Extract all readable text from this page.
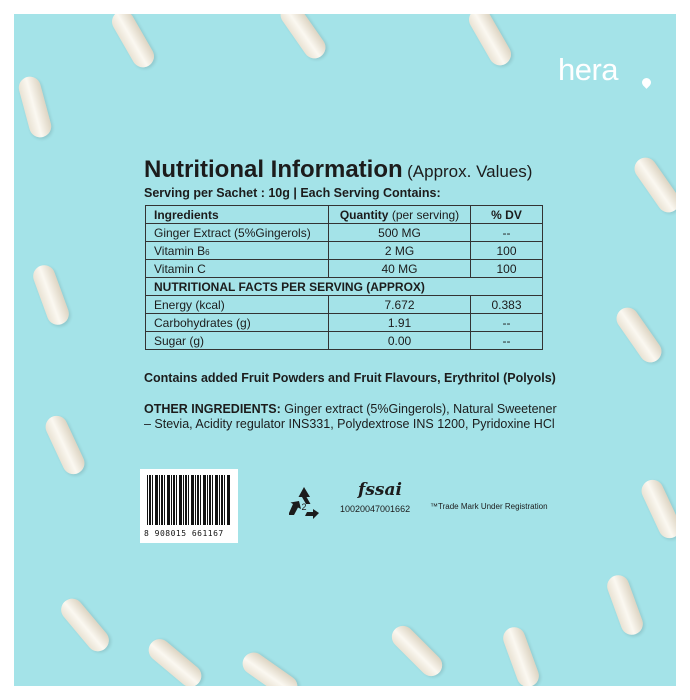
hera
Nutritional Information (Approx. Values)
Serving per Sachet : 10g | Each Serving Contains:
Ingredients	Quantity (per serving)	% DV
Ginger Extract (5%Gingerols)	500 MG	--
Vitamin B6	2 MG	100
Vitamin C	40 MG	100
NUTRITIONAL FACTS PER SERVING (APPROX)		
Energy (kcal)	7.672	0.383
Carbohydrates (g)	1.91	--
Sugar (g)	0.00	--
Contains added Fruit Powders and Fruit Flavours, Erythritol (Polyols)
OTHER INGREDIENTS: Ginger extract (5%Gingerols), Natural Sweetener – Stevia, Acidity regulator INS331, Polydextrose INS 1200, Pyridoxine HCl
8 908015 661167
2
fssai
10020047001662 ™Trade Mark Under Registration
